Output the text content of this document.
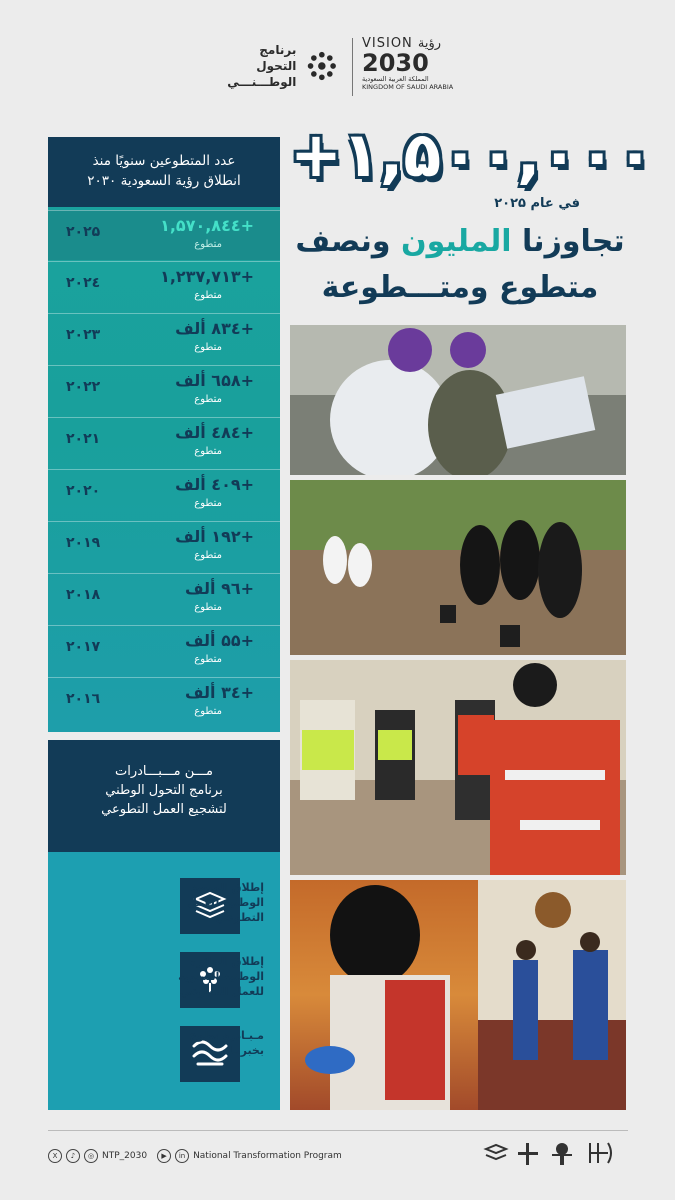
برنامج التحول
الوطـــنـــي
VISION رؤية
2030
المملكة العربية السعودية
KINGDOM OF SAUDI ARABIA
+۱,۵۰۰,۰۰۰
في عام ۲۰۲۵
تجاوزنا المليون ونصف
متطوع ومتـــطوعة
عدد المتطوعين سنويًا منذ
انطلاق رؤية السعودية ۲۰۳۰
۲۰۲۵	+۱,۵۷۰,۸٤٤
متطوع
۲۰۲٤	+۱,۲۳۷,۷۱۳
متطوع
۲۰۲۳	+۸۳٤ ألف
متطوع
۲۰۲۲	+٦۵۸ ألف
متطوع
۲۰۲۱	+٤۸٤ ألف
متطوع
۲۰۲۰	+٤۰۹ ألف
متطوع
۲۰۱۹	+۱۹۲ ألف
متطوع
۲۰۱۸	+۹٦ ألف
متطوع
۲۰۱۷	+۵۵ ألف
متطوع
۲۰۱٦	+۳٤ ألف
متطوع
مـــن مـــبـــادرات
برنامج التحول الوطني
لتشجيع العمل التطوعي
إطلاق المنصة الوطنية للعمل التطوعي
إطلاق الجائزة الوطنية السنوية للعمل التطوعي
مـبـادرة تطوع بخبرتـك
X	♪	◎ NTP_2030	▶	in National Transformation Program
